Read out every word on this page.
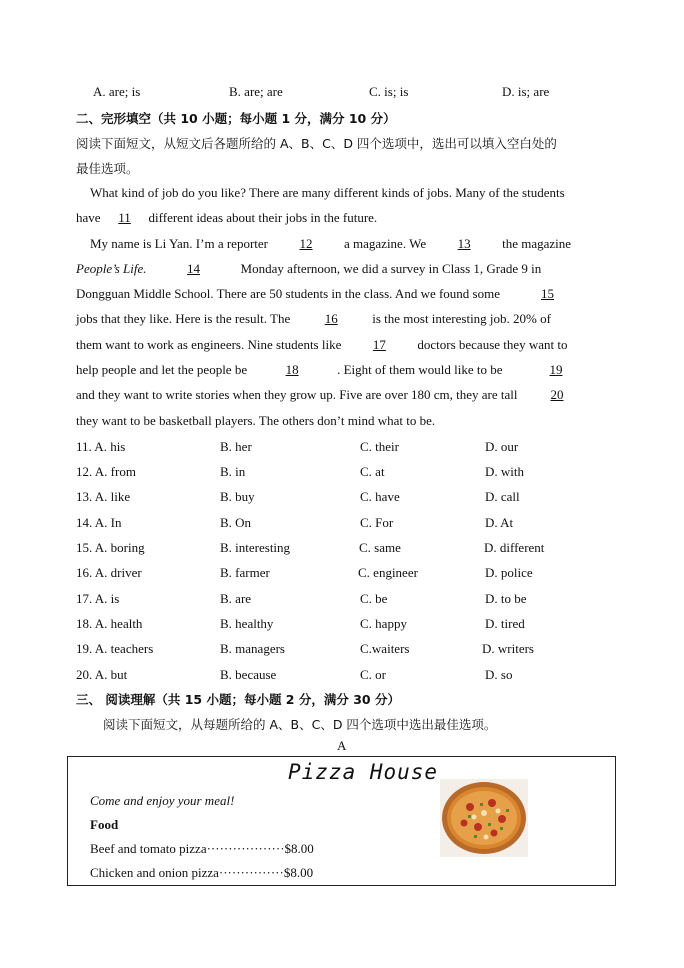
A. are; is	B. are; are	C. is; is	D. is; are
二、完形填空（共 10 小题；每小题 1 分，满分 10 分）
阅读下面短文，从短文后各题所给的 A、B、C、D 四个选项中，选出可以填入空白处的
最佳选项。
What kind of job do you like? There are many different kinds of jobs. Many of the students
have 11 different ideas about their jobs in the future.
My name is Li Yan. I’m a reporter 12 a magazine. We 13 the magazine
People’s Life.	14	Monday afternoon, we did a survey in Class 1, Grade 9 in
Dongguan Middle School. There are 50 students in the class. And we found some	15
jobs that they like. Here is the result. The	16	is the most interesting job. 20% of
them want to work as engineers. Nine students like 17 doctors because they want to
help people and let the people be	18	. Eight of them would like to be	19
and they want to write stories when they grow up. Five are over 180 cm, they are tall	20
they want to be basketball players. The others don’t mind what to be.
11. A. his	B. her	C. their	D. our
12. A. from	B. in	C. at	D. with
13. A. like	B. buy	C. have	D. call
14. A. In	B. On	C. For	D. At
15. A. boring	B. interesting	C. same	D. different
16. A. driver	B. farmer	C. engineer	D. police
17. A. is	B. are	C. be	D. to be
18. A. health	B. healthy	C. happy	D. tired
19. A. teachers	B. managers	C.waiters	D. writers
20. A. but	B. because	C. or	D. so
三、 阅读理解（共 15 小题；每小题 2 分，满分 30 分）
阅读下面短文，从每题所给的 A、B、C、D 四个选项中选出最佳选项。
A
Pizza House
Come and enjoy your meal!
Food
Beef and tomato pizza··················$8.00
Chicken and onion pizza···············$8.00
